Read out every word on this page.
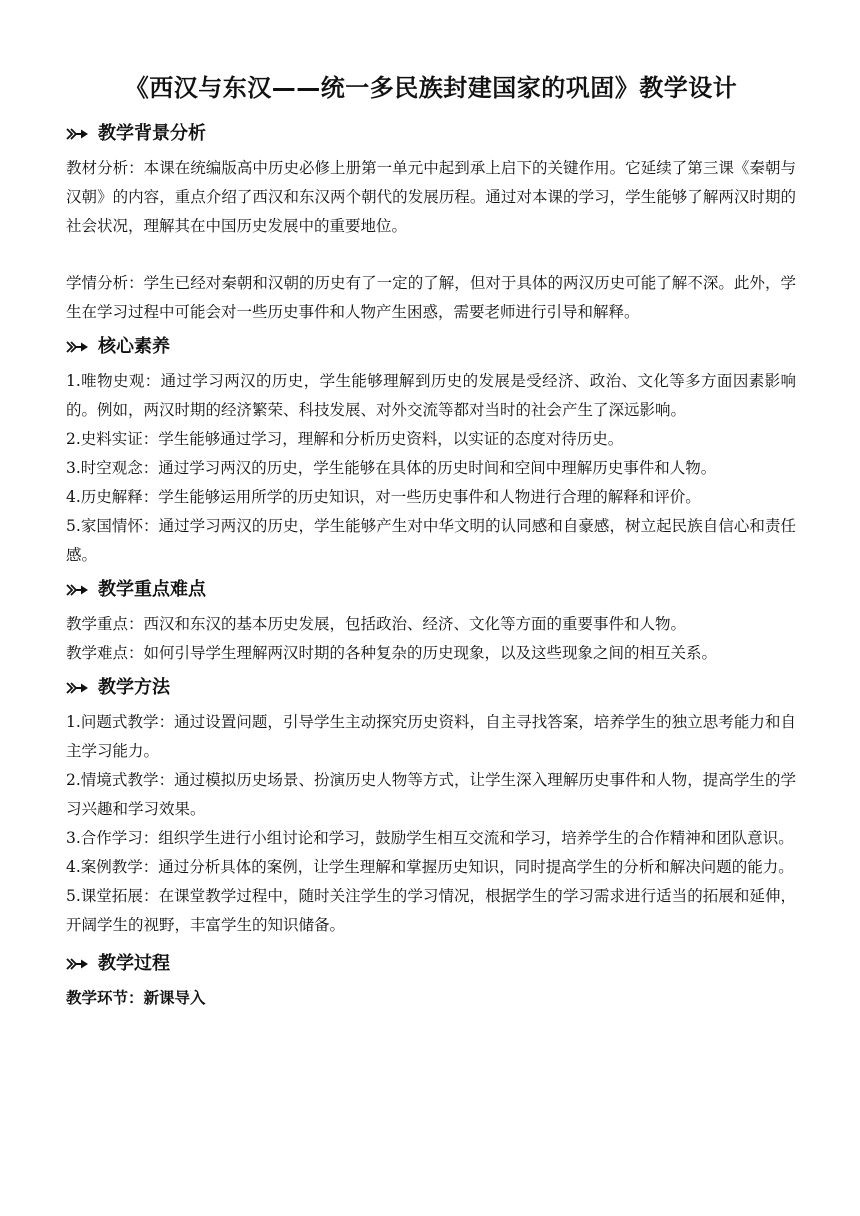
《西汉与东汉——统一多民族封建国家的巩固》教学设计
教学背景分析

教材分析：本课在统编版高中历史必修上册第一单元中起到承上启下的关键作用。它延续了第三课《秦朝与汉朝》的内容，重点介绍了西汉和东汉两个朝代的发展历程。通过对本课的学习，学生能够了解两汉时期的社会状况，理解其在中国历史发展中的重要地位。

学情分析：学生已经对秦朝和汉朝的历史有了一定的了解，但对于具体的两汉历史可能了解不深。此外，学生在学习过程中可能会对一些历史事件和人物产生困惑，需要老师进行引导和解释。

核心素养
1.唯物史观：通过学习两汉的历史，学生能够理解到历史的发展是受经济、政治、文化等多方面因素影响的。例如，两汉时期的经济繁荣、科技发展、对外交流等都对当时的社会产生了深远影响。
2.史料实证：学生能够通过学习，理解和分析历史资料，以实证的态度对待历史。
3.时空观念：通过学习两汉的历史，学生能够在具体的历史时间和空间中理解历史事件和人物。
4.历史解释：学生能够运用所学的历史知识，对一些历史事件和人物进行合理的解释和评价。
5.家国情怀：通过学习两汉的历史，学生能够产生对中华文明的认同感和自豪感，树立起民族自信心和责任感。
教学重点难点

教学重点：西汉和东汉的基本历史发展，包括政治、经济、文化等方面的重要事件和人物。

教学难点：如何引导学生理解两汉时期的各种复杂的历史现象，以及这些现象之间的相互关系。

教学方法
1.问题式教学：通过设置问题，引导学生主动探究历史资料，自主寻找答案，培养学生的独立思考能力和自主学习能力。
2.情境式教学：通过模拟历史场景、扮演历史人物等方式，让学生深入理解历史事件和人物，提高学生的学习兴趣和学习效果。
3.合作学习：组织学生进行小组讨论和学习，鼓励学生相互交流和学习，培养学生的合作精神和团队意识。
4.案例教学：通过分析具体的案例，让学生理解和掌握历史知识，同时提高学生的分析和解决问题的能力。
5.课堂拓展：在课堂教学过程中，随时关注学生的学习情况，根据学生的学习需求进行适当的拓展和延伸，开阔学生的视野，丰富学生的知识储备。
教学过程
教学环节：新课导入
